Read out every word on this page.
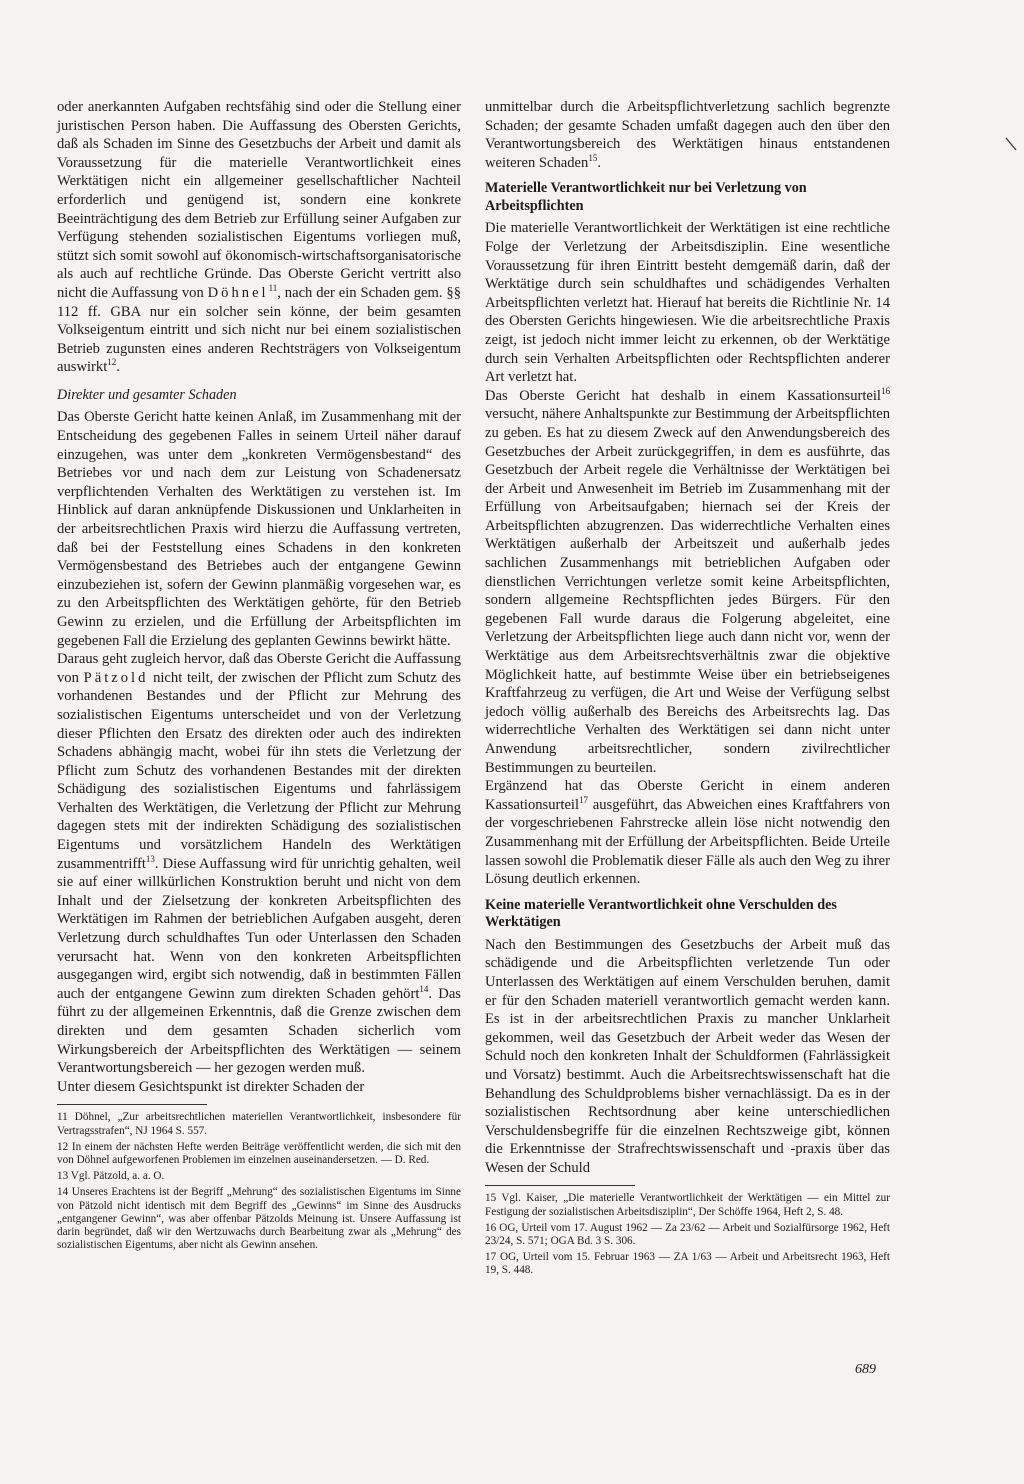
oder anerkannten Aufgaben rechtsfähig sind oder die Stellung einer juristischen Person haben. Die Auffassung des Obersten Gerichts, daß als Schaden im Sinne des Gesetzbuchs der Arbeit und damit als Voraussetzung für die materielle Verantwortlichkeit eines Werktätigen nicht ein allgemeiner gesellschaftlicher Nachteil erforderlich und genügend ist, sondern eine konkrete Beeinträchtigung des dem Betrieb zur Erfüllung seiner Aufgaben zur Verfügung stehenden sozialistischen Eigentums vorliegen muß, stützt sich somit sowohl auf ökonomisch-wirtschaftsorganisatorische als auch auf rechtliche Gründe. Das Oberste Gericht vertritt also nicht die Auffassung von Döhnel$^{11}$, nach der ein Schaden gem. §§ 112 ff. GBA nur ein solcher sein könne, der beim gesamten Volkseigentum eintritt und sich nicht nur bei einem sozialistischen Betrieb zugunsten eines anderen Rechtsträgers von Volkseigentum auswirkt$^{12}$.

Direkter und gesamter Schaden

Das Oberste Gericht hatte keinen Anlaß, im Zusammenhang mit der Entscheidung des gegebenen Falles in seinem Urteil näher darauf einzugehen, was unter dem „konkreten Vermögensbestand“ des Betriebes vor und nach dem zur Leistung von Schadenersatz verpflichtenden Verhalten des Werktätigen zu verstehen ist. Im Hinblick auf daran anknüpfende Diskussionen und Unklarheiten in der arbeitsrechtlichen Praxis wird hierzu die Auffassung vertreten, daß bei der Feststellung eines Schadens in den konkreten Vermögensbestand des Betriebes auch der entgangene Gewinn einzubeziehen ist, sofern der Gewinn planmäßig vorgesehen war, es zu den Arbeitspflichten des Werktätigen gehörte, für den Betrieb Gewinn zu erzielen, und die Erfüllung der Arbeitspflichten im gegebenen Fall die Erzielung des geplanten Gewinns bewirkt hätte.

Daraus geht zugleich hervor, daß das Oberste Gericht die Auffassung von Pätzold nicht teilt, der zwischen der Pflicht zum Schutz des vorhandenen Bestandes und der Pflicht zur Mehrung des sozialistischen Eigentums unterscheidet und von der Verletzung dieser Pflichten den Ersatz des direkten oder auch des indirekten Schadens abhängig macht, wobei für ihn stets die Verletzung der Pflicht zum Schutz des vorhandenen Bestandes mit der direkten Schädigung des sozialistischen Eigentums und fahrlässigem Verhalten des Werktätigen, die Verletzung der Pflicht zur Mehrung dagegen stets mit der indirekten Schädigung des sozialistischen Eigentums und vorsätzlichem Handeln des Werktätigen zusammentrifft$^{13}$. Diese Auffassung wird für unrichtig gehalten, weil sie auf einer willkürlichen Konstruktion beruht und nicht von dem Inhalt und der Zielsetzung der konkreten Arbeitspflichten des Werktätigen im Rahmen der betrieblichen Aufgaben ausgeht, deren Verletzung durch schuldhaftes Tun oder Unterlassen den Schaden verursacht hat. Wenn von den konkreten Arbeitspflichten ausgegangen wird, ergibt sich notwendig, daß in bestimmten Fällen auch der entgangene Gewinn zum direkten Schaden gehört$^{14}$. Das führt zu der allgemeinen Erkenntnis, daß die Grenze zwischen dem direkten und dem gesamten Schaden sicherlich vom Wirkungsbereich der Arbeitspflichten des Werktätigen — seinem Verantwortungsbereich — her gezogen werden muß.

Unter diesem Gesichtspunkt ist direkter Schaden der

11 Döhnel, „Zur arbeitsrechtlichen materiellen Verantwortlichkeit, insbesondere für Vertragsstrafen“, NJ 1964 S. 557.

12 In einem der nächsten Hefte werden Beiträge veröffentlicht werden, die sich mit den von Döhnel aufgeworfenen Problemen im einzelnen auseinandersetzen. — D. Red.

13 Vgl. Pätzold, a. a. O.

14 Unseres Erachtens ist der Begriff „Mehrung“ des sozialistischen Eigentums im Sinne von Pätzold nicht identisch mit dem Begriff des „Gewinns“ im Sinne des Ausdrucks „entgangener Gewinn“, was aber offenbar Pätzolds Meinung ist. Unsere Auffassung ist darin begründet, daß wir den Wertzuwachs durch Bearbeitung zwar als „Mehrung“ des sozialistischen Eigentums, aber nicht als Gewinn ansehen.

unmittelbar durch die Arbeitspflichtverletzung sachlich begrenzte Schaden; der gesamte Schaden umfaßt dagegen auch den über den Verantwortungsbereich des Werktätigen hinaus entstandenen weiteren Schaden$^{15}$.

Materielle Verantwortlichkeit nur bei Verletzung von Arbeitspflichten

Die materielle Verantwortlichkeit der Werktätigen ist eine rechtliche Folge der Verletzung der Arbeitsdisziplin. Eine wesentliche Voraussetzung für ihren Eintritt besteht demgemäß darin, daß der Werktätige durch sein schuldhaftes und schädigendes Verhalten Arbeitspflichten verletzt hat. Hierauf hat bereits die Richtlinie Nr. 14 des Obersten Gerichts hingewiesen. Wie die arbeitsrechtliche Praxis zeigt, ist jedoch nicht immer leicht zu erkennen, ob der Werktätige durch sein Verhalten Arbeitspflichten oder Rechtspflichten anderer Art verletzt hat.

Das Oberste Gericht hat deshalb in einem Kassationsurteil$^{16}$ versucht, nähere Anhaltspunkte zur Bestimmung der Arbeitspflichten zu geben. Es hat zu diesem Zweck auf den Anwendungsbereich des Gesetzbuches der Arbeit zurückgegriffen, in dem es ausführte, das Gesetzbuch der Arbeit regele die Verhältnisse der Werktätigen bei der Arbeit und Anwesenheit im Betrieb im Zusammenhang mit der Erfüllung von Arbeitsaufgaben; hiernach sei der Kreis der Arbeitspflichten abzugrenzen. Das widerrechtliche Verhalten eines Werktätigen außerhalb der Arbeitszeit und außerhalb jedes sachlichen Zusammenhangs mit betrieblichen Aufgaben oder dienstlichen Verrichtungen verletze somit keine Arbeitspflichten, sondern allgemeine Rechtspflichten jedes Bürgers. Für den gegebenen Fall wurde daraus die Folgerung abgeleitet, eine Verletzung der Arbeitspflichten liege auch dann nicht vor, wenn der Werktätige aus dem Arbeitsrechtsverhältnis zwar die objektive Möglichkeit hatte, auf bestimmte Weise über ein betriebseigenes Kraftfahrzeug zu verfügen, die Art und Weise der Verfügung selbst jedoch völlig außerhalb des Bereichs des Arbeitsrechts lag. Das widerrechtliche Verhalten des Werktätigen sei dann nicht unter Anwendung arbeitsrechtlicher, sondern zivilrechtlicher Bestimmungen zu beurteilen.

Ergänzend hat das Oberste Gericht in einem anderen Kassationsurteil$^{17}$ ausgeführt, das Abweichen eines Kraftfahrers von der vorgeschriebenen Fahrstrecke allein löse nicht notwendig den Zusammenhang mit der Erfüllung der Arbeitspflichten. Beide Urteile lassen sowohl die Problematik dieser Fälle als auch den Weg zu ihrer Lösung deutlich erkennen.

Keine materielle Verantwortlichkeit ohne Verschulden des Werktätigen

Nach den Bestimmungen des Gesetzbuchs der Arbeit muß das schädigende und die Arbeitspflichten verletzende Tun oder Unterlassen des Werktätigen auf einem Verschulden beruhen, damit er für den Schaden materiell verantwortlich gemacht werden kann. Es ist in der arbeitsrechtlichen Praxis zu mancher Unklarheit gekommen, weil das Gesetzbuch der Arbeit weder das Wesen der Schuld noch den konkreten Inhalt der Schuldformen (Fahrlässigkeit und Vorsatz) bestimmt. Auch die Arbeitsrechtswissenschaft hat die Behandlung des Schuldproblems bisher vernachlässigt. Da es in der sozialistischen Rechtsordnung aber keine unterschiedlichen Verschuldensbegriffe für die einzelnen Rechtszweige gibt, können die Erkenntnisse der Strafrechtswissenschaft und -praxis über das Wesen der Schuld

15 Vgl. Kaiser, „Die materielle Verantwortlichkeit der Werktätigen — ein Mittel zur Festigung der sozialistischen Arbeitsdisziplin“, Der Schöffe 1964, Heft 2, S. 48.

16 OG, Urteil vom 17. August 1962 — Za 23/62 — Arbeit und Sozialfürsorge 1962, Heft 23/24, S. 571; OGA Bd. 3 S. 306.

17 OG, Urteil vom 15. Februar 1963 — ZA 1/63 — Arbeit und Arbeitsrecht 1963, Heft 19, S. 448.

689
